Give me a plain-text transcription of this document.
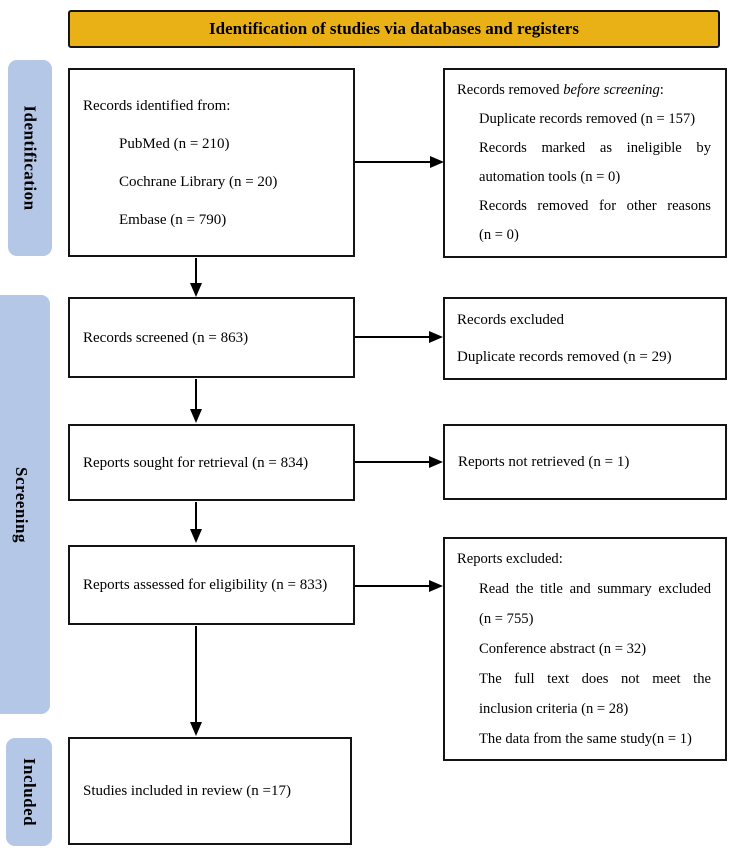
Identification of studies via databases and registers
Identification
Screening
Included

Records identified from:

PubMed (n = 210)

Cochrane Library (n = 20)

Embase (n = 790)

Records removed before screening:

Duplicate records removed (n = 157)

Records marked as ineligible by automation tools (n = 0)

Records removed for other reasons (n = 0)

Records screened (n = 863)

Records excluded

Duplicate records removed (n = 29)

Reports sought for retrieval (n = 834)	Reports not retrieved (n = 1)

Reports assessed for eligibility (n = 833)

Reports excluded:

Read the title and summary excluded (n = 755)

Conference abstract (n = 32)

The full text does not meet the inclusion criteria (n = 28)

The data from the same study(n = 1)

Studies included in review (n =17)
